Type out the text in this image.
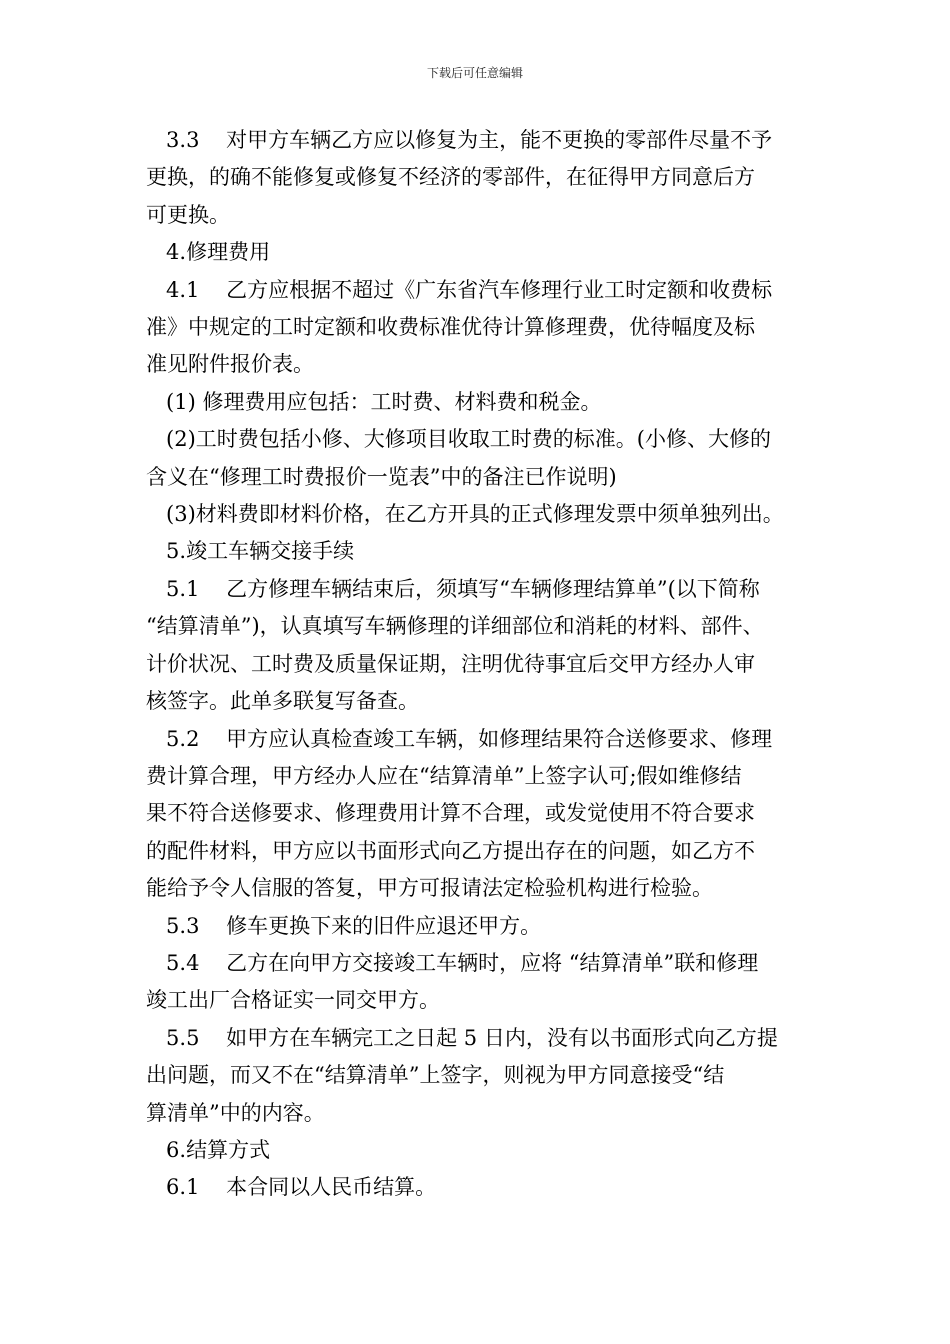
下载后可任意编辑

3.3    对甲方车辆乙方应以修复为主，能不更换的零部件尽量不予

更换，的确不能修复或修复不经济的零部件，在征得甲方同意后方

可更换。

4.修理费用

4.1    乙方应根据不超过《广东省汽车修理行业工时定额和收费标

准》中规定的工时定额和收费标准优待计算修理费，优待幅度及标

准见附件报价表。

(1) 修理费用应包括：工时费、材料费和税金。

(2)工时费包括小修、大修项目收取工时费的标准。(小修、大修的

含义在“修理工时费报价一览表”中的备注已作说明)

(3)材料费即材料价格，在乙方开具的正式修理发票中须单独列出。

5.竣工车辆交接手续

5.1    乙方修理车辆结束后，须填写“车辆修理结算单”(以下简称

“结算清单”)，认真填写车辆修理的详细部位和消耗的材料、部件、

计价状况、工时费及质量保证期，注明优待事宜后交甲方经办人审

核签字。此单多联复写备查。

5.2    甲方应认真检查竣工车辆，如修理结果符合送修要求、修理

费计算合理，甲方经办人应在“结算清单”上签字认可;假如维修结

果不符合送修要求、修理费用计算不合理，或发觉使用不符合要求

的配件材料，甲方应以书面形式向乙方提出存在的问题，如乙方不

能给予令人信服的答复，甲方可报请法定检验机构进行检验。

5.3    修车更换下来的旧件应退还甲方。

5.4    乙方在向甲方交接竣工车辆时，应将 “结算清单”联和修理

竣工出厂合格证实一同交甲方。

5.5    如甲方在车辆完工之日起 5 日内，没有以书面形式向乙方提

出问题，而又不在“结算清单”上签字，则视为甲方同意接受“结

算清单”中的内容。

6.结算方式

6.1    本合同以人民币结算。
